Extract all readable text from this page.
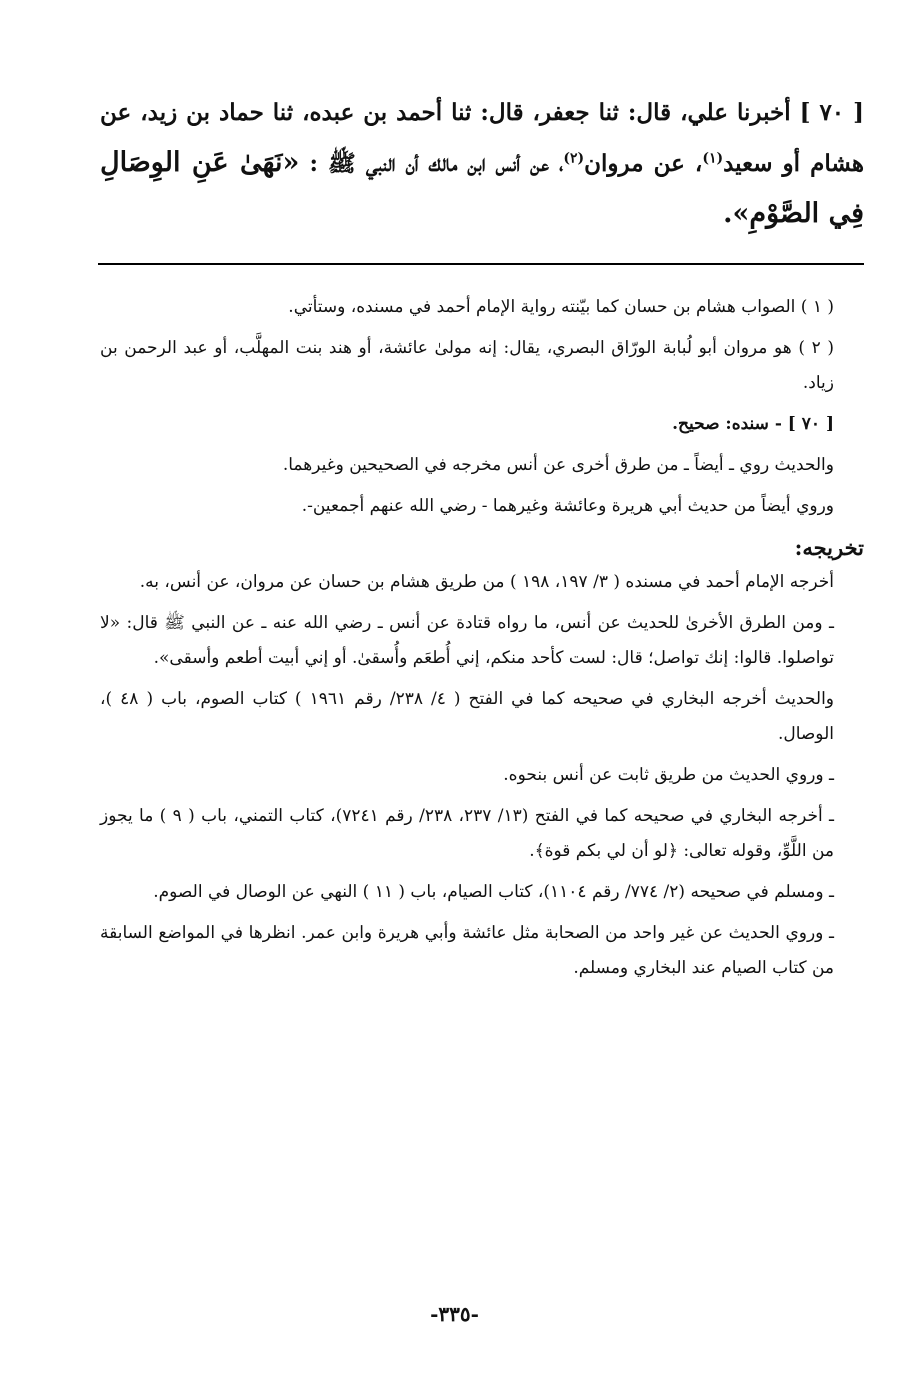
[ ٧٠ ] أخبرنا علي، قال: ثنا جعفر، قال: ثنا أحمد بن عبده، ثنا حماد بن زيد، عن هشام أو سعيد$^{(١)}$، عن مروان$^{(٢)}$، عن أنس ابن مالك أن النبي ﷺ : «نَهَىٰ عَنِ الوِصَالِ فِي الصَّوْمِ».

( ١ ) الصواب هشام بن حسان كما بيّنته رواية الإمام أحمد في مسنده، وستأتي.

( ٢ ) هو مروان أبو لُبابة الورّاق البصري، يقال: إنه مولىٰ عائشة، أو هند بنت المهلَّب، أو عبد الرحمن بن زياد.

[ ٧٠ ] - سنده: صحيح.

والحديث روي ـ أيضاً ـ من طرق أخرى عن أنس مخرجه في الصحيحين وغيرهما.

وروي أيضاً من حديث أبي هريرة وعائشة وغيرهما - رضي الله عنهم أجمعين-.

تخريجه:

أخرجه الإمام أحمد في مسنده ( ٣/ ١٩٧، ١٩٨ ) من طريق هشام بن حسان عن مروان، عن أنس، به.

ـ ومن الطرق الأخرىٰ للحديث عن أنس، ما رواه قتادة عن أنس ـ رضي الله عنه ـ عن النبي ﷺ قال: «لا تواصلوا. قالوا: إنك تواصل؛ قال: لست كأحد منكم، إني أُطعَم وأُسقىٰ. أو إني أبيت أطعم وأسقى».

والحديث أخرجه البخاري في صحيحه كما في الفتح ( ٤/ ٢٣٨/ رقم ١٩٦١ ) كتاب الصوم، باب ( ٤٨ )، الوصال.

ـ وروي الحديث من طريق ثابت عن أنس بنحوه.

ـ أخرجه البخاري في صحيحه كما في الفتح (١٣/ ٢٣٧، ٢٣٨/ رقم ٧٢٤١)، كتاب التمني، باب ( ٩ ) ما يجوز من اللَّوِّ، وقوله تعالى: ﴿لو أن لي بكم قوة﴾.

ـ ومسلم في صحيحه (٢/ ٧٧٤/ رقم ١١٠٤)، كتاب الصيام، باب ( ١١ ) النهي عن الوصال في الصوم.

ـ وروي الحديث عن غير واحد من الصحابة مثل عائشة وأبي هريرة وابن عمر. انظرها في المواضع السابقة من كتاب الصيام عند البخاري ومسلم.

-٣٣٥-
